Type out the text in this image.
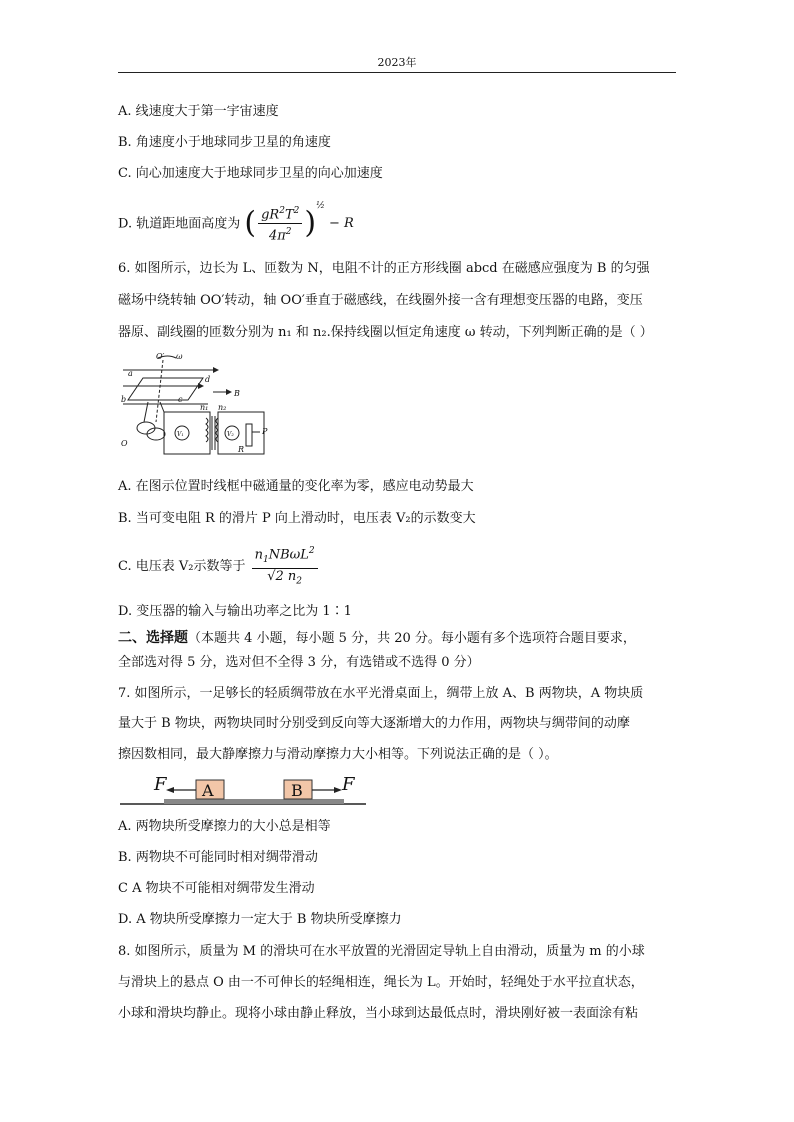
2023年
A. 线速度大于第一宇宙速度
B. 角速度小于地球同步卫星的角速度
C. 向心加速度大于地球同步卫星的向心加速度
D. 轨道距地面高度为 ( $\frac{gR^2T^2}{4\pi^2} )^{\frac{1}{2}} - R$
6. 如图所示，边长为 L、匝数为 N，电阻不计的正方形线圈 abcd 在磁感应强度为 B 的匀强
磁场中绕转轴 OO′转动，轴 OO′垂直于磁感线，在线圈外接一含有理想变压器的电路，变压
器原、副线圈的匝数分别为 n₁ 和 n₂.保持线圈以恒定角速度 ω 转动，下列判断正确的是（ ）
O′ ω
a
d
B
b	c
n₁ n₂
O
V₁	V₂
R
P
A. 在图示位置时线框中磁通量的变化率为零，感应电动势最大
B. 当可变电阻 R 的滑片 P 向上滑动时，电压表 V₂的示数变大
C. 电压表 V₂示数等于 $\frac{n_1NB\omega L^2}{√2 n_2}$
D. 变压器的输入与输出功率之比为 1∶1
二、选择题（本题共 4 小题，每小题 5 分，共 20 分。每小题有多个选项符合题目要求，
全部选对得 5 分，选对但不全得 3 分，有选错或不选得 0 分）
7. 如图所示，一足够长的轻质绸带放在水平光滑桌面上，绸带上放 A、B 两物块，A 物块质
量大于 B 物块，两物块同时分别受到反向等大逐渐增大的力作用，两物块与绸带间的动摩
擦因数相同，最大静摩擦力与滑动摩擦力大小相等。下列说法正确的是（ ）。
F A	B F
A. 两物块所受摩擦力的大小总是相等
B. 两物块不可能同时相对绸带滑动
C A 物块不可能相对绸带发生滑动
D. A 物块所受摩擦力一定大于 B 物块所受摩擦力
8. 如图所示，质量为 M 的滑块可在水平放置的光滑固定导轨上自由滑动，质量为 m 的小球
与滑块上的悬点 O 由一不可伸长的轻绳相连，绳长为 L。开始时，轻绳处于水平拉直状态，
小球和滑块均静止。现将小球由静止释放，当小球到达最低点时，滑块刚好被一表面涂有粘
